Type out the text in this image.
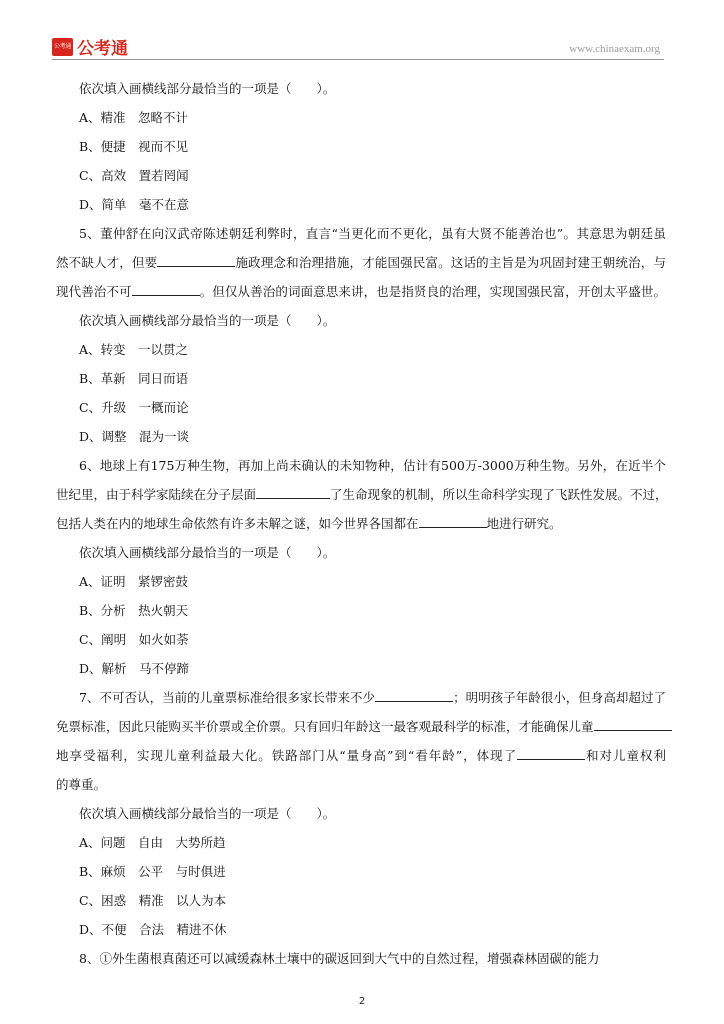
公考通 公考通	www.chinaexam.org
依次填入画横线部分最恰当的一项是（　　）。
A、精准　忽略不计
B、便捷　视而不见
C、高效　置若罔闻
D、简单　毫不在意
5、董仲舒在向汉武帝陈述朝廷利弊时，直言“当更化而不更化，虽有大贤不能善治也”。其意思为朝廷虽
然不缺人才，但要	施政理念和治理措施，才能国强民富。这话的主旨是为巩固封建王朝统治，与
现代善治不可	。但仅从善治的词面意思来讲，也是指贤良的治理，实现国强民富，开创太平盛世。
依次填入画横线部分最恰当的一项是（　　）。
A、转变　一以贯之
B、革新　同日而语
C、升级　一概而论
D、调整　混为一谈
6、地球上有175万种生物，再加上尚未确认的未知物种，估计有500万-3000万种生物。另外，在近半个
世纪里，由于科学家陆续在分子层面	了生命现象的机制，所以生命科学实现了飞跃性发展。不过，
包括人类在内的地球生命依然有许多未解之谜，如今世界各国都在	地进行研究。
依次填入画横线部分最恰当的一项是（　　）。
A、证明　紧锣密鼓
B、分析　热火朝天
C、阐明　如火如荼
D、解析　马不停蹄
7、不可否认，当前的儿童票标准给很多家长带来不少	；明明孩子年龄很小，但身高却超过了
免票标准，因此只能购买半价票或全价票。只有回归年龄这一最客观最科学的标准，才能确保儿童
地享受福利，实现儿童利益最大化。铁路部门从“量身高”到“看年龄”，体现了	和对儿童权利
的尊重。
依次填入画横线部分最恰当的一项是（　　）。
A、问题　自由　大势所趋
B、麻烦　公平　与时俱进
C、困惑　精准　以人为本
D、不便　合法　精进不休
8、①外生菌根真菌还可以减缓森林土壤中的碳返回到大气中的自然过程，增强森林固碳的能力
2
